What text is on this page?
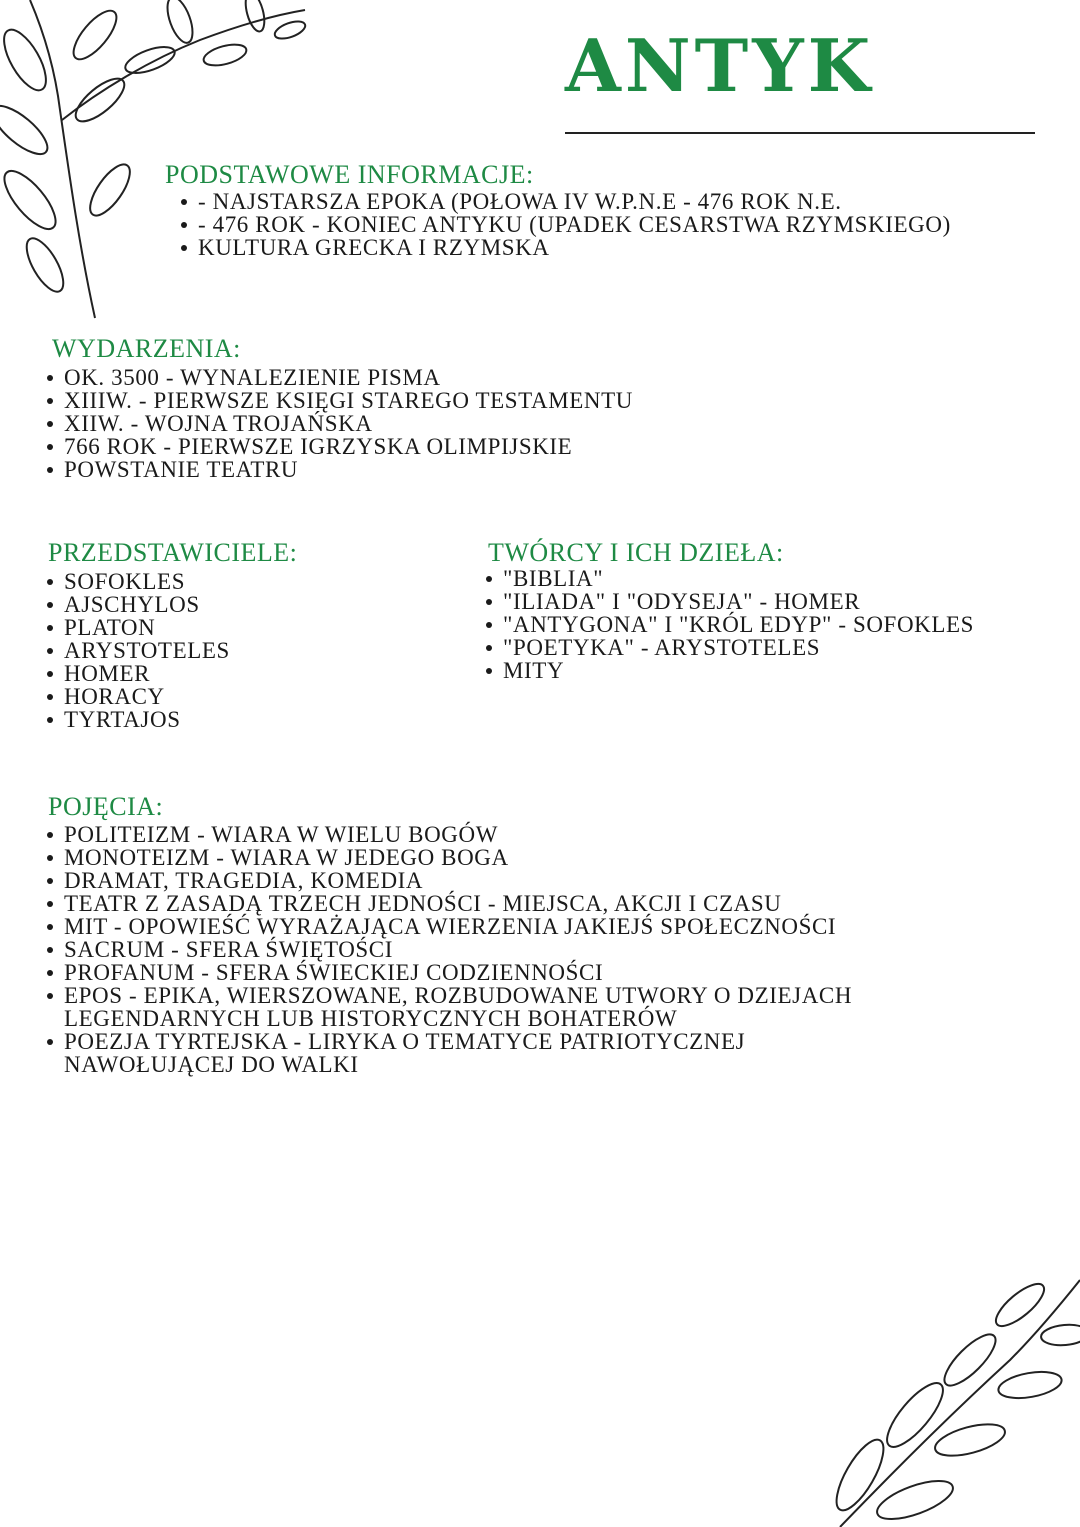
ANTYK
PODSTAWOWE INFORMACJE:
- NAJSTARSZA EPOKA (POŁOWA IV W.P.N.E - 476 ROK N.E.
- 476 ROK - KONIEC ANTYKU (UPADEK CESARSTWA RZYMSKIEGO)
KULTURA GRECKA I RZYMSKA
WYDARZENIA:
OK. 3500 - WYNALEZIENIE PISMA
XIIIW. - PIERWSZE KSIĘGI STAREGO TESTAMENTU
XIIW. - WOJNA TROJAŃSKA
766 ROK - PIERWSZE IGRZYSKA OLIMPIJSKIE
POWSTANIE TEATRU
PRZEDSTAWICIELE:
SOFOKLES
AJSCHYLOS
PLATON
ARYSTOTELES
HOMER
HORACY
TYRTAJOS
TWÓRCY I ICH DZIEŁA:
"BIBLIA"
"ILIADA" I "ODYSEJA" - HOMER
"ANTYGONA" I "KRÓL EDYP" - SOFOKLES
"POETYKA" - ARYSTOTELES
MITY
POJĘCIA:
POLITEIZM - WIARA W WIELU BOGÓW
MONOTEIZM - WIARA W JEDEGO BOGA
DRAMAT, TRAGEDIA, KOMEDIA
TEATR Z ZASADĄ TRZECH JEDNOŚCI - MIEJSCA, AKCJI I CZASU
MIT - OPOWIEŚĆ WYRAŻAJĄCA WIERZENIA JAKIEJŚ SPOŁECZNOŚCI
SACRUM - SFERA ŚWIĘTOŚCI
PROFANUM - SFERA ŚWIECKIEJ CODZIENNOŚCI
EPOS - EPIKA, WIERSZOWANE, ROZBUDOWANE UTWORY O DZIEJACH LEGENDARNYCH LUB HISTORYCZNYCH BOHATERÓW
POEZJA TYRTEJSKA - LIRYKA O TEMATYCE PATRIOTYCZNEJ NAWOŁUJĄCEJ DO WALKI
